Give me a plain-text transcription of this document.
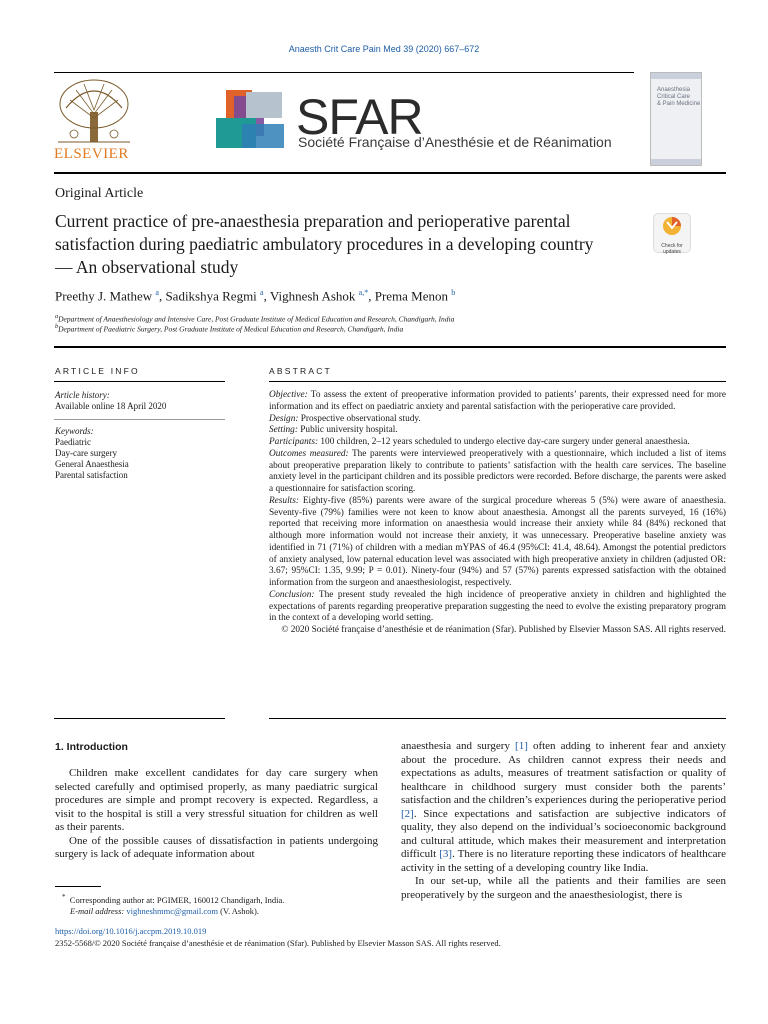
Anaesth Crit Care Pain Med 39 (2020) 667–672
ELSEVIER
SFAR
Société Française d’Anesthésie et de Réanimation
Anaesthesia
Critical Care
& Pain Medicine
Original Article
Current practice of pre-anaesthesia preparation and perioperative parental satisfaction during paediatric ambulatory procedures in a developing country — An observational study
Check for updates
Preethy J. Mathew $^a$, Sadikshya Regmi $^a$, Vighnesh Ashok $^{a,*}$, Prema Menon $^b$
$^a$Department of Anaesthesiology and Intensive Care, Post Graduate Institute of Medical Education and Research, Chandigarh, India
$^b$Department of Paediatric Surgery, Post Graduate Institute of Medical Education and Research, Chandigarh, India
ARTICLE INFO
Article history:
Available online 18 April 2020
Keywords:
Paediatric
Day-care surgery
General Anaesthesia
Parental satisfaction
ABSTRACT

Objective: To assess the extent of preoperative information provided to patients’ parents, their expressed need for more information and its effect on paediatric anxiety and parental satisfaction with the perioperative care provided.

Design: Prospective observational study.

Setting: Public university hospital.

Participants: 100 children, 2–12 years scheduled to undergo elective day-care surgery under general anaesthesia.

Outcomes measured: The parents were interviewed preoperatively with a questionnaire, which included a list of items about preoperative preparation likely to contribute to patients’ satisfaction with the health care services. The baseline anxiety level in the participant children and its possible predictors were recorded. Before discharge, the parents were asked a questionnaire for satisfaction scoring.

Results: Eighty-five (85%) parents were aware of the surgical procedure whereas 5 (5%) were aware of anaesthesia. Seventy-five (79%) families were not keen to know about anaesthesia. Amongst all the parents surveyed, 16 (16%) reported that receiving more information on anaesthesia would increase their anxiety while 84 (84%) reckoned that although more information would not increase their anxiety, it was unnecessary. Preoperative baseline anxiety was identified in 71 (71%) of children with a median mYPAS of 46.4 (95%CI: 41.4, 48.64). Amongst the potential predictors of anxiety analysed, low paternal education level was associated with high preoperative anxiety in children (adjusted OR: 3.67; 95%CI: 1.35, 9.99; P = 0.01). Ninety-four (94%) and 57 (57%) parents expressed satisfaction with the obtained information from the surgeon and anaesthesiologist, respectively.

Conclusion: The present study revealed the high incidence of preoperative anxiety in children and highlighted the expectations of parents regarding preoperative preparation suggesting the need to evolve the existing preparatory program in the context of a developing world setting.

© 2020 Société française d’anesthésie et de réanimation (Sfar). Published by Elsevier Masson SAS. All rights reserved.

1. Introduction

Children make excellent candidates for day care surgery when selected carefully and optimised properly, as many paediatric surgical procedures are simple and prompt recovery is expected. Regardless, a visit to the hospital is still a very stressful situation for children as well as their parents.

One of the possible causes of dissatisfaction in patients undergoing surgery is lack of adequate information about

anaesthesia and surgery [1] often adding to inherent fear and anxiety about the procedure. As children cannot express their needs and expectations as adults, measures of treatment satisfaction or quality of healthcare in childhood surgery must consider both the parents’ satisfaction and the children’s experiences during the perioperative period [2]. Since expectations and satisfaction are subjective indicators of quality, they also depend on the individual’s socioeconomic background and cultural attitude, which makes their measurement and interpretation difficult [3]. There is no literature reporting these indicators of healthcare activity in the setting of a developing country like India.

In our set-up, while all the patients and their families are seen preoperatively by the surgeon and the anaesthesiologist, there is

* Corresponding author at: PGIMER, 160012 Chandigarh, India.
E-mail address: vighneshmmc@gmail.com (V. Ashok).
https://doi.org/10.1016/j.accpm.2019.10.019
2352-5568/© 2020 Société française d’anesthésie et de réanimation (Sfar). Published by Elsevier Masson SAS. All rights reserved.
